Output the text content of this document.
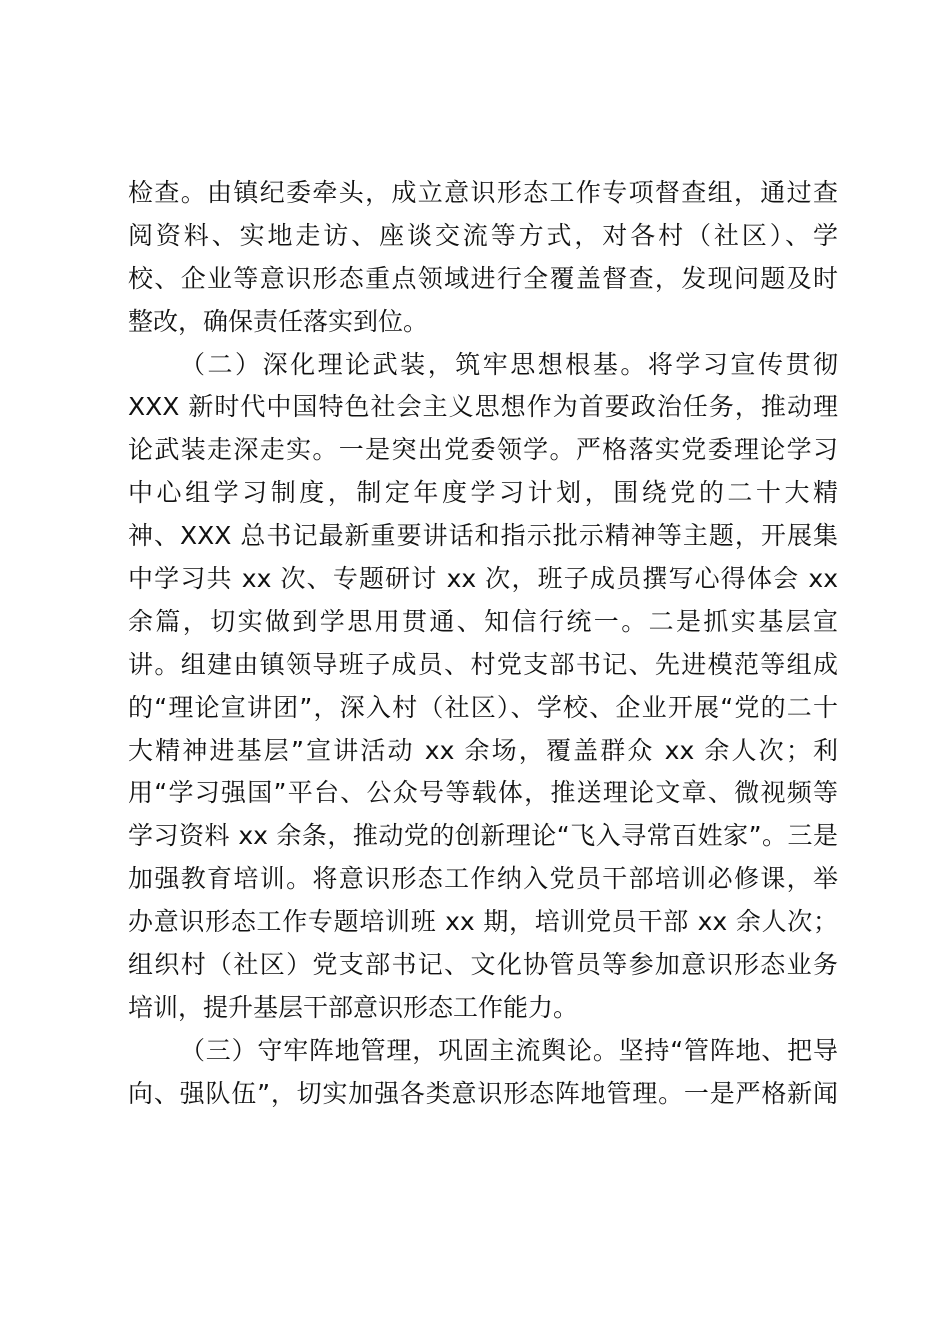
检查。由镇纪委牵头，成立意识形态工作专项督查组，通过查
阅资料、实地走访、座谈交流等方式，对各村（社区）、学
校、企业等意识形态重点领域进行全覆盖督查，发现问题及时
整改，确保责任落实到位。
（二）深化理论武装，筑牢思想根基。将学习宣传贯彻
XXX 新时代中国特色社会主义思想作为首要政治任务，推动理
论武装走深走实。一是突出党委领学。严格落实党委理论学习
中心组学习制度，制定年度学习计划，围绕党的二十大精
神、XXX 总书记最新重要讲话和指示批示精神等主题，开展集
中学习共 xx 次、专题研讨 xx 次，班子成员撰写心得体会 xx
余篇，切实做到学思用贯通、知信行统一。二是抓实基层宣
讲。组建由镇领导班子成员、村党支部书记、先进模范等组成
的“理论宣讲团”，深入村（社区）、学校、企业开展“党的二十
大精神进基层”宣讲活动 xx 余场，覆盖群众 xx 余人次；利
用“学习强国”平台、公众号等载体，推送理论文章、微视频等
学习资料 xx 余条，推动党的创新理论“飞入寻常百姓家”。三是
加强教育培训。将意识形态工作纳入党员干部培训必修课，举
办意识形态工作专题培训班 xx 期，培训党员干部 xx 余人次；
组织村（社区）党支部书记、文化协管员等参加意识形态业务
培训，提升基层干部意识形态工作能力。
（三）守牢阵地管理，巩固主流舆论。坚持“管阵地、把导
向、强队伍”，切实加强各类意识形态阵地管理。一是严格新闻
